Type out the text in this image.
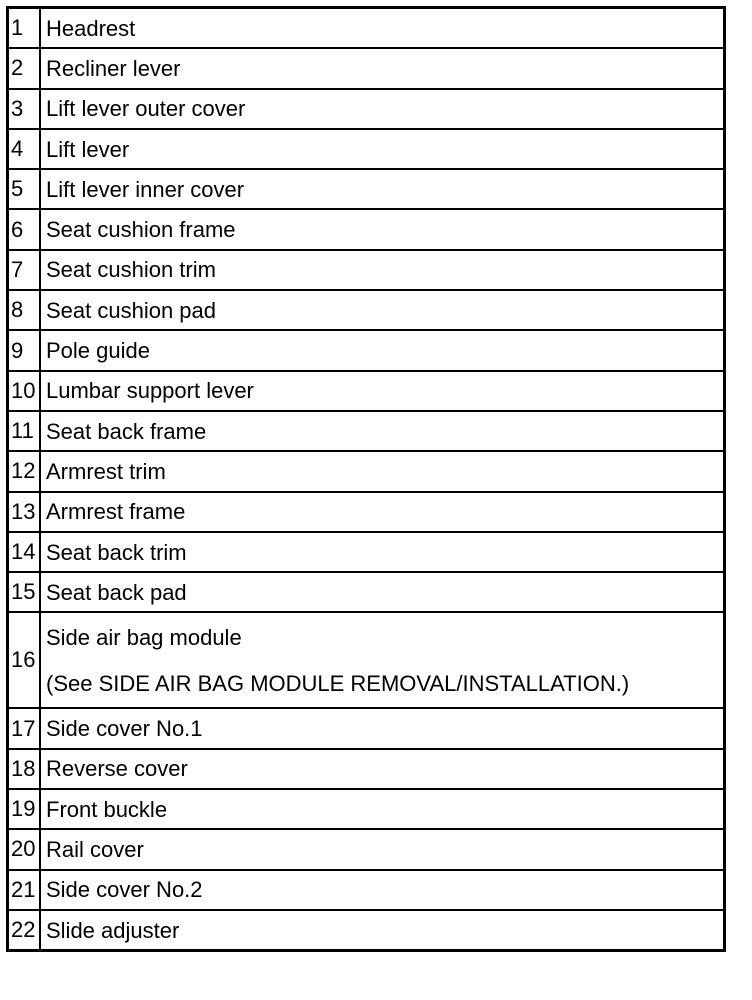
1	Headrest

2	Recliner lever

3	Lift lever outer cover

4	Lift lever

5	Lift lever inner cover

6	Seat cushion frame

7	Seat cushion trim

8	Seat cushion pad

9	Pole guide

10	Lumbar support lever

11	Seat back frame

12	Armrest trim

13	Armrest frame

14	Seat back trim

15	Seat back pad

16	Side air bag module
(See SIDE AIR BAG MODULE REMOVAL/INSTALLATION.)

17	Side cover No.1

18	Reverse cover

19	Front buckle

20	Rail cover

21	Side cover No.2

22	Slide adjuster
